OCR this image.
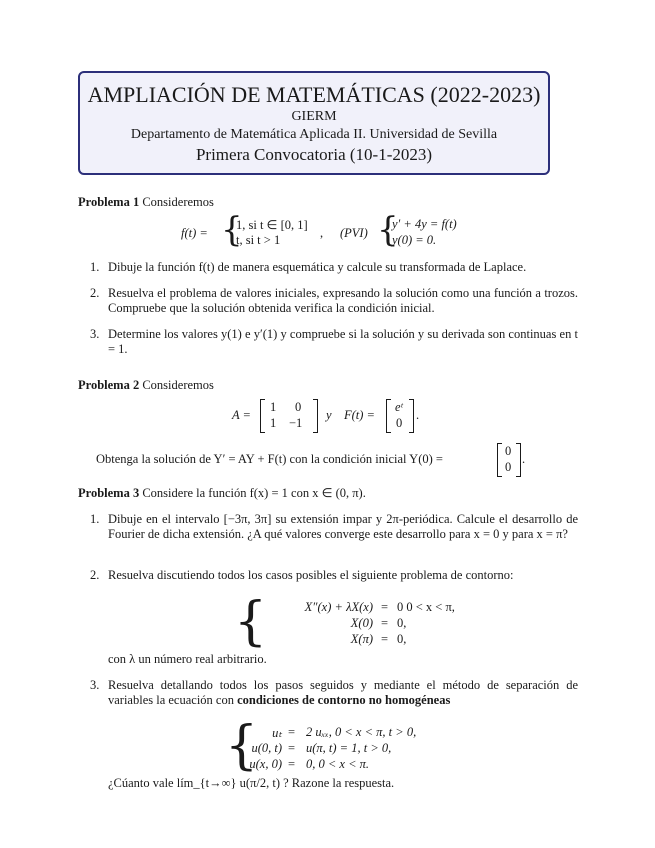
AMPLIACIÓN DE MATEMÁTICAS (2022-2023)
GIERM
Departamento de Matemática Aplicada II. Universidad de Sevilla
Primera Convocatoria (10-1-2023)
Problema 1 Consideremos
f(t) = {
1, si t ∈ [0, 1]
t, si t > 1	, (PVI) {
y′ + 4y = f(t)
y(0) = 0.
1. Dibuje la función f(t) de manera esquemática y calcule su transformada de Laplace.
2. Resuelva el problema de valores iniciales, expresando la solución como una función a trozos. Compruebe que la solución obtenida verifica la condición inicial.
3. Determine los valores y(1) e y′(1) y compruebe si la solución y su derivada son continuas en t = 1.
Problema 2 Consideremos
A =
1 0
1 −1
y F(t) =
eᵗ
0
.
Obtenga la solución de Y′ = AY + F(t) con la condición inicial Y(0) =
0
0
.
Problema 3 Considere la función f(x) = 1 con x ∈ (0, π).
1. Dibuje en el intervalo [−3π, 3π] su extensión impar y 2π-periódica. Calcule el desarrollo de Fourier de dicha extensión. ¿A qué valores converge este desarrollo para x = 0 y para x = π?
2. Resuelva discutiendo todos los casos posibles el siguiente problema de contorno:
{	X″(x) + λX(x) = 0 0 < x < π,
X(0) = 0,
X(π) = 0,
con λ un número real arbitrario.
3. Resuelva detallando todos los pasos seguidos y mediante el método de separación de variables la ecuación con condiciones de contorno no homogéneas
{	uₜ = 2 uₓₓ, 0 < x < π, t > 0,
u(0, t) = u(π, t) = 1, t > 0,
u(x, 0) = 0, 0 < x < π.
¿Cúanto vale lím_{t→∞} u(π/2, t) ? Razone la respuesta.
